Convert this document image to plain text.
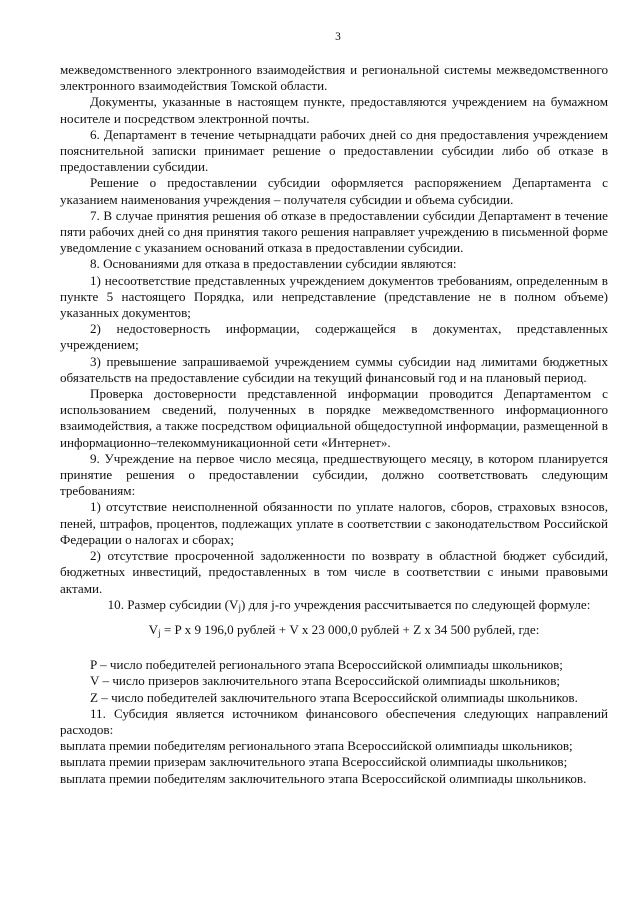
3

межведомственного электронного взаимодействия и региональной системы межведомственного электронного взаимодействия Томской области.

Документы, указанные в настоящем пункте, предоставляются учреждением на бумажном носителе и посредством электронной почты.

6. Департамент в течение четырнадцати рабочих дней со дня предоставления учреждением пояснительной записки принимает решение о предоставлении субсидии либо об отказе в предоставлении субсидии.

Решение о предоставлении субсидии оформляется распоряжением Департамента с указанием наименования учреждения – получателя субсидии и объема субсидии.

7. В случае принятия решения об отказе в предоставлении субсидии Департамент в течение пяти рабочих дней со дня принятия такого решения направляет учреждению в письменной форме уведомление с указанием оснований отказа в предоставлении субсидии.

8. Основаниями для отказа в предоставлении субсидии являются:

1) несоответствие представленных учреждением документов требованиям, определенным в пункте 5 настоящего Порядка, или непредставление (представление не в полном объеме) указанных документов;

2) недостоверность информации, содержащейся в документах, представленных учреждением;

3) превышение запрашиваемой учреждением суммы субсидии над лимитами бюджетных обязательств на предоставление субсидии на текущий финансовый год и на плановый период.

Проверка достоверности представленной информации проводится Департаментом с использованием сведений, полученных в порядке межведомственного информационного взаимодействия, а также посредством официальной общедоступной информации, размещенной в информационно–телекоммуникационной сети «Интернет».

9. Учреждение на первое число месяца, предшествующего месяцу, в котором планируется принятие решения о предоставлении субсидии, должно соответствовать следующим требованиям:

1) отсутствие неисполненной обязанности по уплате налогов, сборов, страховых взносов, пеней, штрафов, процентов, подлежащих уплате в соответствии с законодательством Российской Федерации о налогах и сборах;

2) отсутствие просроченной задолженности по возврату в областной бюджет субсидий, бюджетных инвестиций, предоставленных в том числе в соответствии с иными правовыми актами.

10. Размер субсидии $(V_j)$ для j-го учреждения рассчитывается по следующей формуле:

$V_j = P$ x 9 196,0 рублей + V x 23 000,0 рублей + Z x 34 500 рублей, где:

P – число победителей регионального этапа Всероссийской олимпиады школьников;

V – число призеров заключительного этапа Всероссийской олимпиады школьников;

Z – число победителей заключительного этапа Всероссийской олимпиады школьников.

11. Субсидия является источником финансового обеспечения следующих направлений расходов:

выплата премии победителям регионального этапа Всероссийской олимпиады школьников;

выплата премии призерам заключительного этапа Всероссийской олимпиады школьников;

выплата премии победителям заключительного этапа Всероссийской олимпиады школьников.
